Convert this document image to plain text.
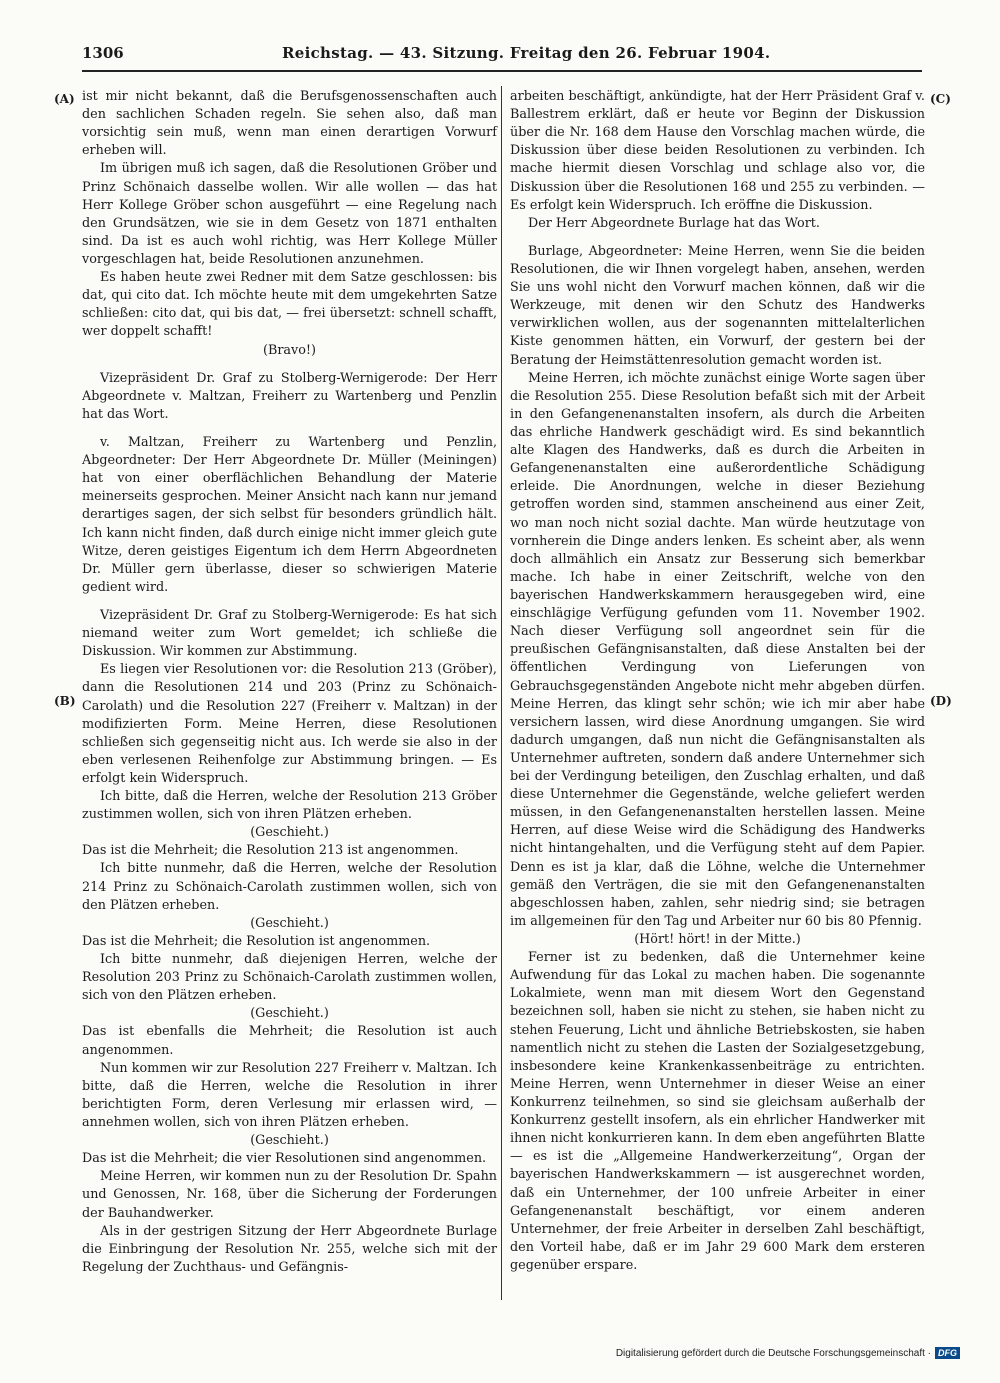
1306	Reichstag. — 43. Sitzung. Freitag den 26. Februar 1904.
(A)
(B)
(C)
(D)

ist mir nicht bekannt, daß die Berufsgenossenschaften auch den sachlichen Schaden regeln. Sie sehen also, daß man vorsichtig sein muß, wenn man einen derartigen Vorwurf erheben will.

Im übrigen muß ich sagen, daß die Resolutionen Gröber und Prinz Schönaich dasselbe wollen. Wir alle wollen — das hat Herr Kollege Gröber schon ausgeführt — eine Regelung nach den Grundsätzen, wie sie in dem Gesetz von 1871 enthalten sind. Da ist es auch wohl richtig, was Herr Kollege Müller vorgeschlagen hat, beide Resolutionen anzunehmen.

Es haben heute zwei Redner mit dem Satze geschlossen: bis dat, qui cito dat. Ich möchte heute mit dem umgekehrten Satze schließen: cito dat, qui bis dat, — frei übersetzt: schnell schafft, wer doppelt schafft!

(Bravo!)

Vizepräsident Dr. Graf zu Stolberg-Wernigerode: Der Herr Abgeordnete v. Maltzan, Freiherr zu Wartenberg und Penzlin hat das Wort.

v. Maltzan, Freiherr zu Wartenberg und Penzlin, Abgeordneter: Der Herr Abgeordnete Dr. Müller (Meiningen) hat von einer oberflächlichen Behandlung der Materie meinerseits gesprochen. Meiner Ansicht nach kann nur jemand derartiges sagen, der sich selbst für besonders gründlich hält. Ich kann nicht finden, daß durch einige nicht immer gleich gute Witze, deren geistiges Eigentum ich dem Herrn Abgeordneten Dr. Müller gern überlasse, dieser so schwierigen Materie gedient wird.

Vizepräsident Dr. Graf zu Stolberg-Wernigerode: Es hat sich niemand weiter zum Wort gemeldet; ich schließe die Diskussion. Wir kommen zur Abstimmung.

Es liegen vier Resolutionen vor: die Resolution 213 (Gröber), dann die Resolutionen 214 und 203 (Prinz zu Schönaich-Carolath) und die Resolution 227 (Freiherr v. Maltzan) in der modifizierten Form. Meine Herren, diese Resolutionen schließen sich gegenseitig nicht aus. Ich werde sie also in der eben verlesenen Reihenfolge zur Abstimmung bringen. — Es erfolgt kein Widerspruch.

Ich bitte, daß die Herren, welche der Resolution 213 Gröber zustimmen wollen, sich von ihren Plätzen erheben.

(Geschieht.)

Das ist die Mehrheit; die Resolution 213 ist angenommen.

Ich bitte nunmehr, daß die Herren, welche der Resolution 214 Prinz zu Schönaich-Carolath zustimmen wollen, sich von den Plätzen erheben.

(Geschieht.)

Das ist die Mehrheit; die Resolution ist angenommen.

Ich bitte nunmehr, daß diejenigen Herren, welche der Resolution 203 Prinz zu Schönaich-Carolath zustimmen wollen, sich von den Plätzen erheben.

(Geschieht.)

Das ist ebenfalls die Mehrheit; die Resolution ist auch angenommen.

Nun kommen wir zur Resolution 227 Freiherr v. Maltzan. Ich bitte, daß die Herren, welche die Resolution in ihrer berichtigten Form, deren Verlesung mir erlassen wird, — annehmen wollen, sich von ihren Plätzen erheben.

(Geschieht.)

Das ist die Mehrheit; die vier Resolutionen sind angenommen.

Meine Herren, wir kommen nun zu der Resolution Dr. Spahn und Genossen, Nr. 168, über die Sicherung der Forderungen der Bauhandwerker.

Als in der gestrigen Sitzung der Herr Abgeordnete Burlage die Einbringung der Resolution Nr. 255, welche sich mit der Regelung der Zuchthaus- und Gefängnis-

arbeiten beschäftigt, ankündigte, hat der Herr Präsident Graf v. Ballestrem erklärt, daß er heute vor Beginn der Diskussion über die Nr. 168 dem Hause den Vorschlag machen würde, die Diskussion über diese beiden Resolutionen zu verbinden. Ich mache hiermit diesen Vorschlag und schlage also vor, die Diskussion über die Resolutionen 168 und 255 zu verbinden. — Es erfolgt kein Widerspruch. Ich eröffne die Diskussion.

Der Herr Abgeordnete Burlage hat das Wort.

Burlage, Abgeordneter: Meine Herren, wenn Sie die beiden Resolutionen, die wir Ihnen vorgelegt haben, ansehen, werden Sie uns wohl nicht den Vorwurf machen können, daß wir die Werkzeuge, mit denen wir den Schutz des Handwerks verwirklichen wollen, aus der sogenannten mittelalterlichen Kiste genommen hätten, ein Vorwurf, der gestern bei der Beratung der Heimstättenresolution gemacht worden ist.

Meine Herren, ich möchte zunächst einige Worte sagen über die Resolution 255. Diese Resolution befaßt sich mit der Arbeit in den Gefangenenanstalten insofern, als durch die Arbeiten das ehrliche Handwerk geschädigt wird. Es sind bekanntlich alte Klagen des Handwerks, daß es durch die Arbeiten in Gefangenenanstalten eine außerordentliche Schädigung erleide. Die Anordnungen, welche in dieser Beziehung getroffen worden sind, stammen anscheinend aus einer Zeit, wo man noch nicht sozial dachte. Man würde heutzutage von vornherein die Dinge anders lenken. Es scheint aber, als wenn doch allmählich ein Ansatz zur Besserung sich bemerkbar mache. Ich habe in einer Zeitschrift, welche von den bayerischen Handwerkskammern herausgegeben wird, eine einschlägige Verfügung gefunden vom 11. November 1902. Nach dieser Verfügung soll angeordnet sein für die preußischen Gefängnisanstalten, daß diese Anstalten bei der öffentlichen Verdingung von Lieferungen von Gebrauchsgegenständen Angebote nicht mehr abgeben dürfen. Meine Herren, das klingt sehr schön; wie ich mir aber habe versichern lassen, wird diese Anordnung umgangen. Sie wird dadurch umgangen, daß nun nicht die Gefängnisanstalten als Unternehmer auftreten, sondern daß andere Unternehmer sich bei der Verdingung beteiligen, den Zuschlag erhalten, und daß diese Unternehmer die Gegenstände, welche geliefert werden müssen, in den Gefangenenanstalten herstellen lassen. Meine Herren, auf diese Weise wird die Schädigung des Handwerks nicht hintangehalten, und die Verfügung steht auf dem Papier. Denn es ist ja klar, daß die Löhne, welche die Unternehmer gemäß den Verträgen, die sie mit den Gefangenenanstalten abgeschlossen haben, zahlen, sehr niedrig sind; sie betragen im allgemeinen für den Tag und Arbeiter nur 60 bis 80 Pfennig.

(Hört! hört! in der Mitte.)

Ferner ist zu bedenken, daß die Unternehmer keine Aufwendung für das Lokal zu machen haben. Die sogenannte Lokalmiete, wenn man mit diesem Wort den Gegenstand bezeichnen soll, haben sie nicht zu stehen, sie haben nicht zu stehen Feuerung, Licht und ähnliche Betriebskosten, sie haben namentlich nicht zu stehen die Lasten der Sozialgesetzgebung, insbesondere keine Krankenkassenbeiträge zu entrichten. Meine Herren, wenn Unternehmer in dieser Weise an einer Konkurrenz teilnehmen, so sind sie gleichsam außerhalb der Konkurrenz gestellt insofern, als ein ehrlicher Handwerker mit ihnen nicht konkurrieren kann. In dem eben angeführten Blatte — es ist die „Allgemeine Handwerkerzeitung“, Organ der bayerischen Handwerkskammern — ist ausgerechnet worden, daß ein Unternehmer, der 100 unfreie Arbeiter in einer Gefangenenanstalt beschäftigt, vor einem anderen Unternehmer, der freie Arbeiter in derselben Zahl beschäftigt, den Vorteil habe, daß er im Jahr 29 600 Mark dem ersteren gegenüber erspare.

Digitalisierung gefördert durch die Deutsche Forschungsgemeinschaft · DFG
